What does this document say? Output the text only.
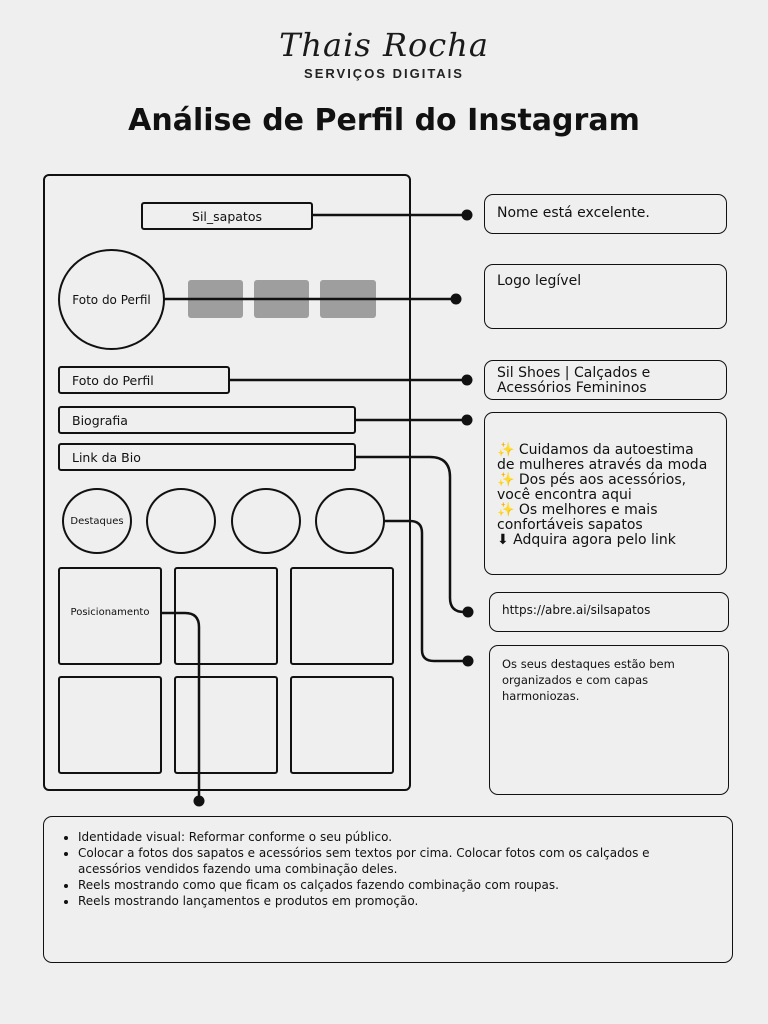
Thais Rocha
SERVIÇOS DIGITAIS
Análise de Perfil do Instagram
Sil_sapatos
Foto do Perfil
Foto do Perfil
Biografia
Link da Bio
Destaques
Posicionamento
Nome está excelente.
Logo legível
Sil Shoes | Calçados e Acessórios Femininos
✨ Cuidamos da autoestima de mulheres através da moda
✨ Dos pés aos acessórios, você encontra aqui
✨ Os melhores e mais confortáveis sapatos
⬇ Adquira agora pelo link
https://abre.ai/silsapatos
Os seus destaques estão bem organizados e com capas harmoniozas.
• Identidade visual: Reformar conforme o seu público.
• Colocar a fotos dos sapatos e acessórios sem textos por cima. Colocar fotos com os calçados e acessórios vendidos fazendo uma combinação deles.
• Reels mostrando como que ficam os calçados fazendo combinação com roupas.
• Reels mostrando lançamentos e produtos em promoção.
